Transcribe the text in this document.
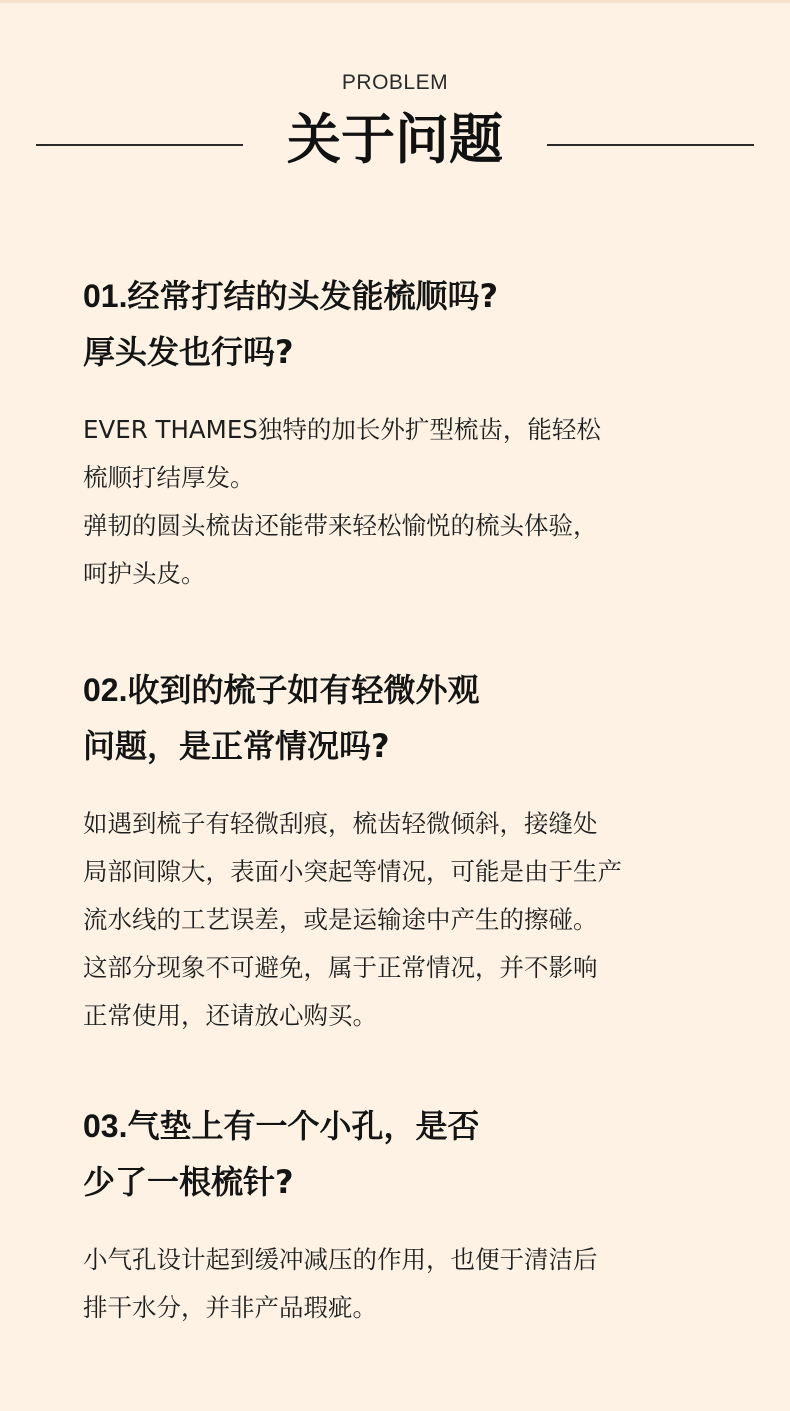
PROBLEM
关于问题
01.经常打结的头发能梳顺吗?
厚头发也行吗?
EVER THAMES独特的加长外扩型梳齿，能轻松
梳顺打结厚发。
弹韧的圆头梳齿还能带来轻松愉悦的梳头体验，
呵护头皮。
02.收到的梳子如有轻微外观
问题，是正常情况吗?
如遇到梳子有轻微刮痕，梳齿轻微倾斜，接缝处
局部间隙大，表面小突起等情况，可能是由于生产
流水线的工艺误差，或是运输途中产生的擦碰。
这部分现象不可避免，属于正常情况，并不影响
正常使用，还请放心购买。
03.气垫上有一个小孔，是否
少了一根梳针?
小气孔设计起到缓冲减压的作用，也便于清洁后
排干水分，并非产品瑕疵。
